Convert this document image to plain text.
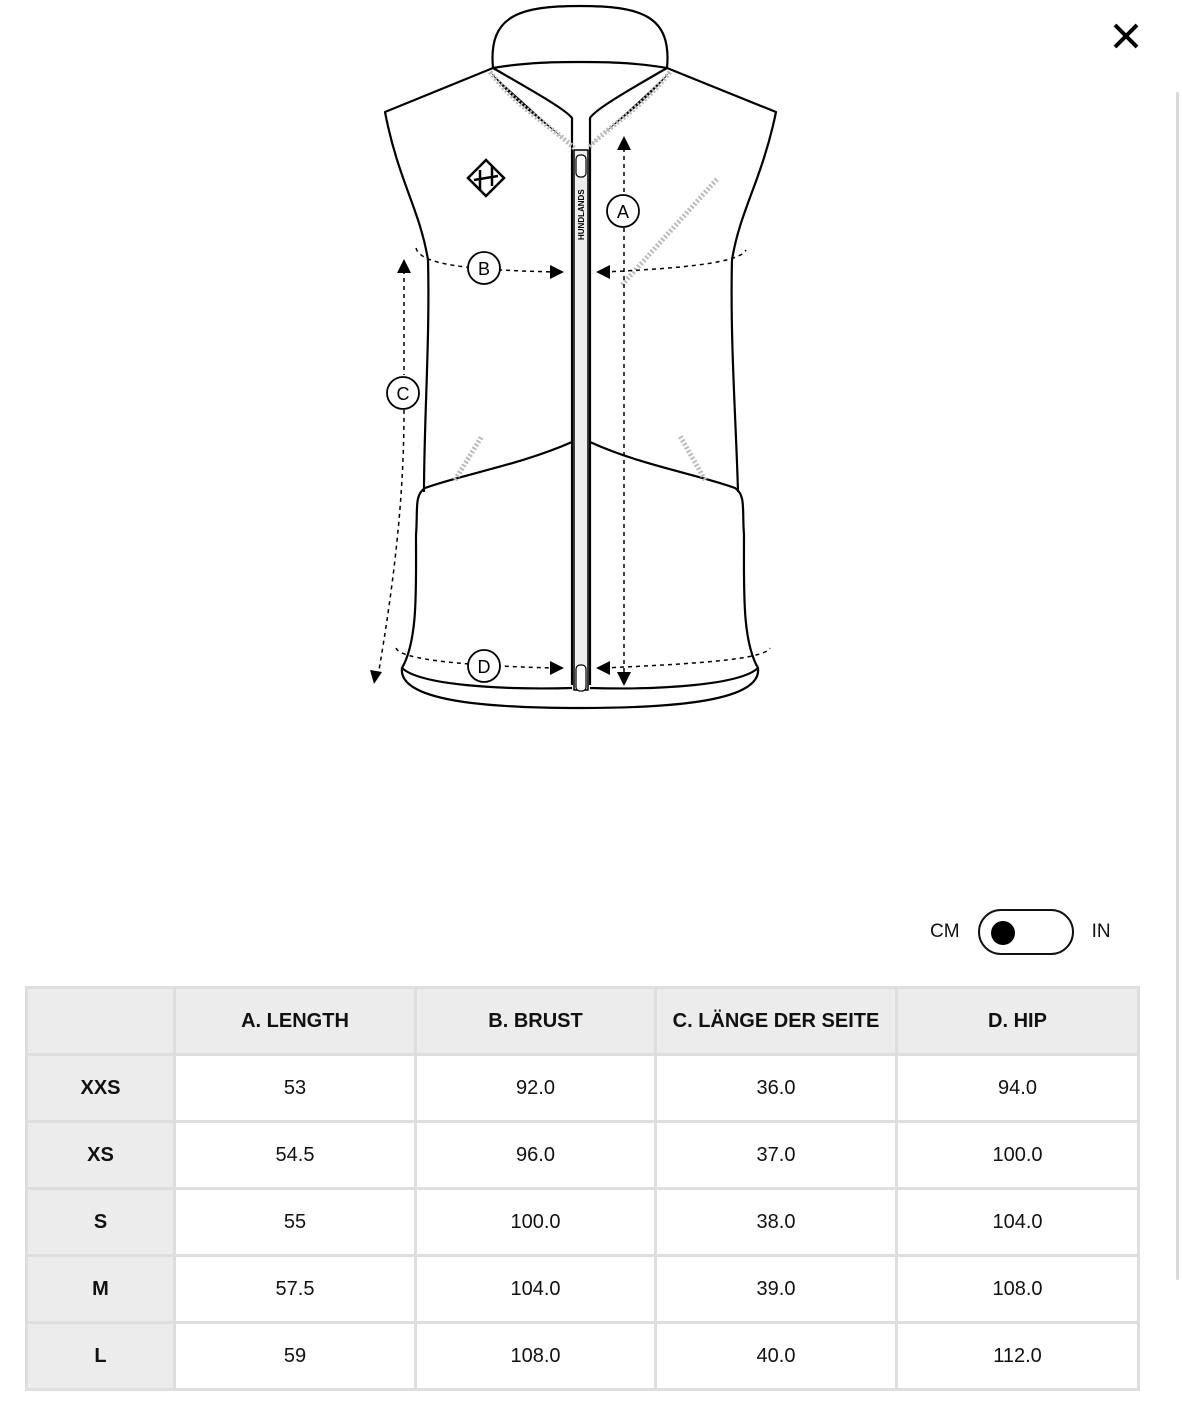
HUNDLANDS A
B
C
D
CM	IN
	A. LENGTH	B. BRUST	C. LÄNGE DER SEITE	D. HIP
XXS	53	92.0	36.0	94.0
XS	54.5	96.0	37.0	100.0
S	55	100.0	38.0	104.0
M	57.5	104.0	39.0	108.0
L	59	108.0	40.0	112.0
